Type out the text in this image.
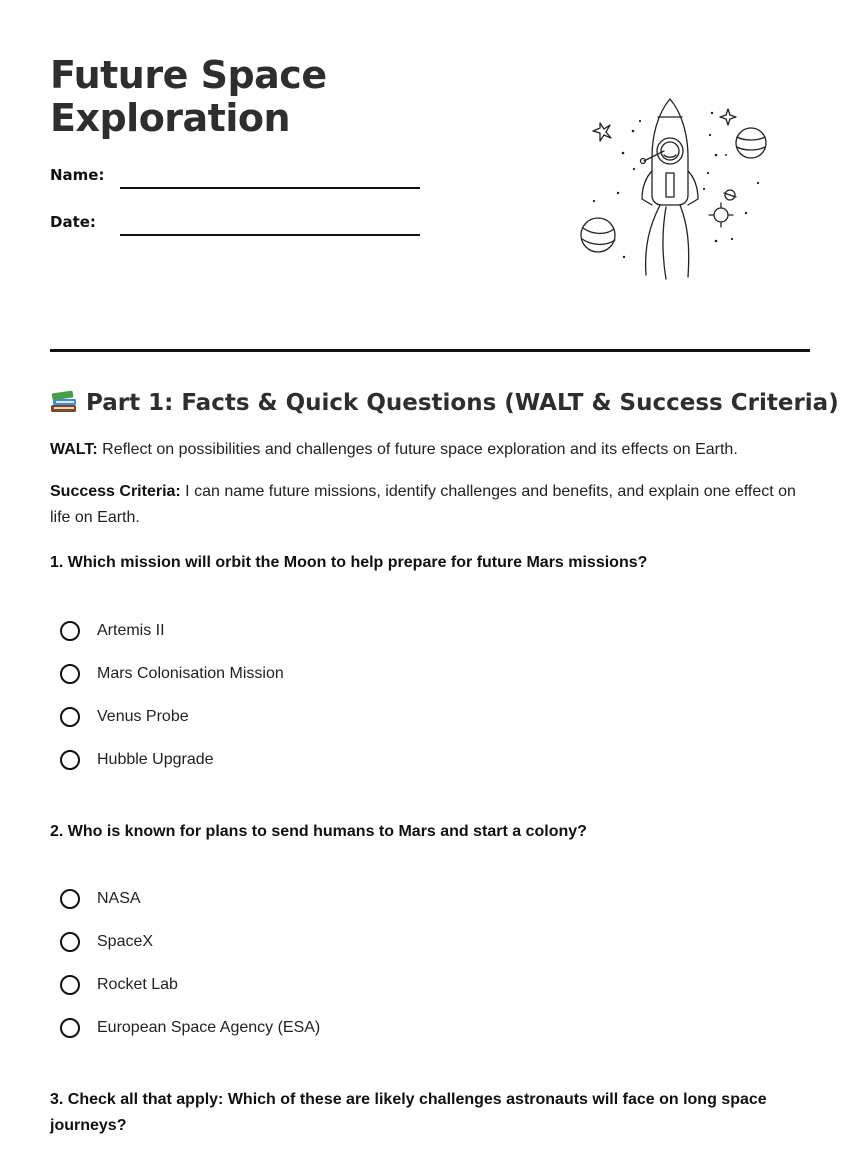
Future Space
Exploration
Name:
Date:
Part 1: Facts & Quick Questions (WALT & Success Criteria)

WALT: Reflect on possibilities and challenges of future space exploration and its effects on Earth.

Success Criteria: I can name future missions, identify challenges and benefits, and explain one effect on life on Earth.

1. Which mission will orbit the Moon to help prepare for future Mars missions?

Artemis II
Mars Colonisation Mission
Venus Probe
Hubble Upgrade

2. Who is known for plans to send humans to Mars and start a colony?

NASA
SpaceX
Rocket Lab
European Space Agency (ESA)

3. Check all that apply: Which of these are likely challenges astronauts will face on long space journeys?
